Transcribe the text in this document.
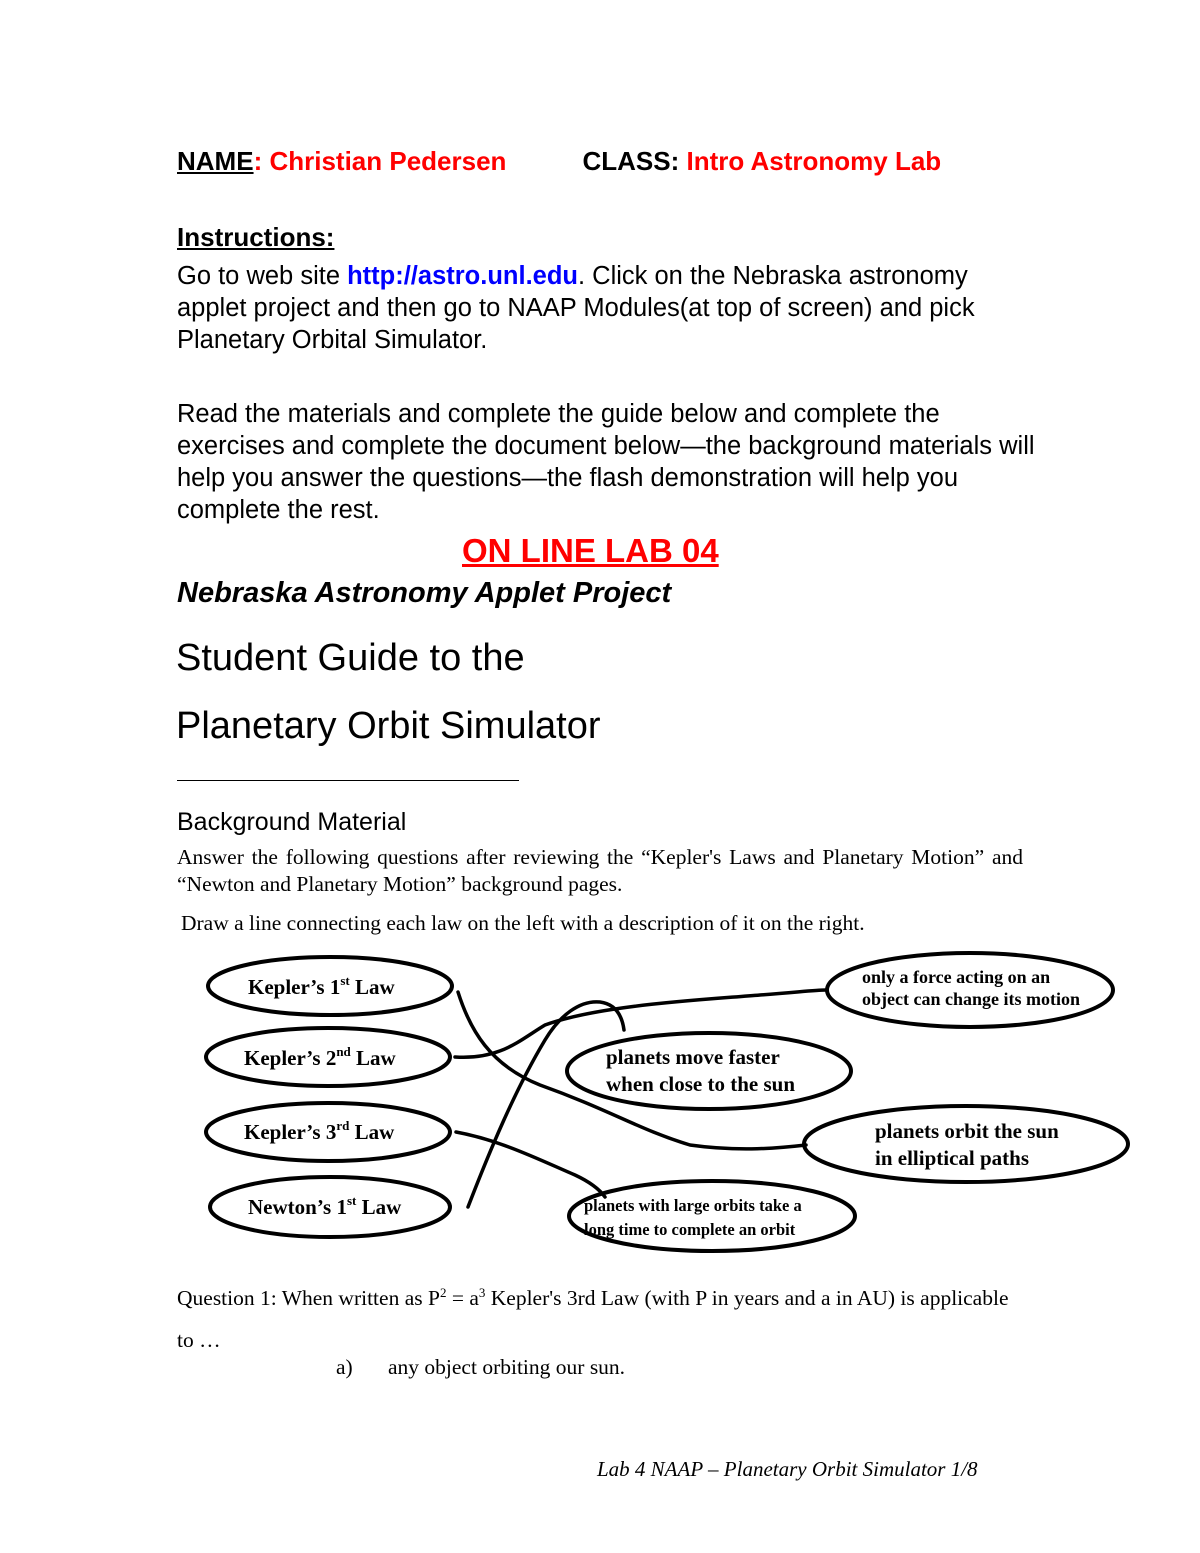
NAME: Christian Pedersen	CLASS: Intro Astronomy Lab
Instructions:
Go to web site http://astro.unl.edu. Click on the Nebraska astronomy applet project and then go to NAAP Modules(at top of screen) and pick Planetary Orbital Simulator.
Read the materials and complete the guide below and complete the exercises and complete the document below—the background materials will help you answer the questions—the flash demonstration will help you complete the rest.
ON LINE LAB 04
Nebraska Astronomy Applet Project
Student Guide to the
Planetary Orbit Simulator
Background Material
Answer the following questions after reviewing the “Kepler's Laws and Planetary Motion” and “Newton and Planetary Motion” background pages.
Draw a line connecting each law on the left with a description of it on the right.
Kepler’s 1st Law
Kepler’s 2nd Law
Kepler’s 3rd Law
Newton’s 1st Law
only a force acting on an
object can change its motion
planets move faster
when close to the sun
planets orbit the sun
in elliptical paths
planets with large orbits take a
long time to complete an orbit
Question 1: When written as $P^2 = a^3$ Kepler's 3rd Law (with P in years and a in AU) is applicable to …
a) any object orbiting our sun.
Lab 4 NAAP – Planetary Orbit Simulator 1/8
